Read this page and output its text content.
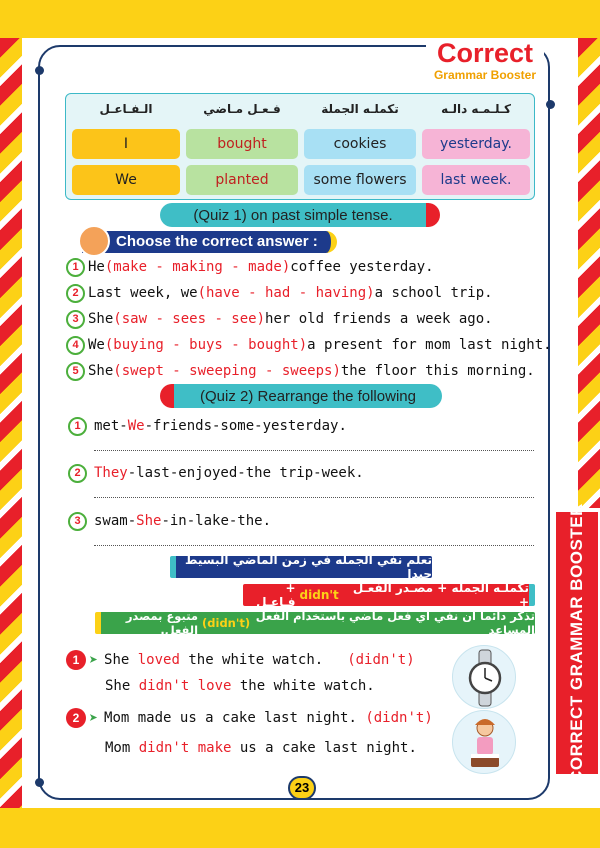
CORRECT GRAMMAR BOOSTER
Correct
Grammar Booster
الـفـاعـل	فـعـل مـاضي	تكملـه الجملة	كـلـمـه دالـه
I	bought	cookies	yesterday.
We	planted	some flowers	last week.
(Quiz 1) on past simple tense.
Choose the correct answer :
1 He (make - making - made) coffee yesterday.
2 Last week, we (have - had - having) a school trip.
3 She (saw - sees - see) her old friends a week ago.
4 We (buying - buys - bought) a present for mom last night.
5 She (swept - sweeping - sweeps) the floor this morning.
(Quiz 2) Rearrange the following
1 met- We -friends-some-yesterday.
2 They -last-enjoyed-the trip-week.
3 swam- She -in-lake-the.
تعلم نفي الجمله في زمن الماضي البسيط جيدا
تكملـه الجمله + مصـدر الفعـل +
didn't
+ فـاعـل
تذكر دائما أن نفي أي فعل ماضي باستخدام الفعل المساعد
(didn't)
متبوع بمصدر الفعل.
1 ➤ She loved the white watch. (didn't)
She didn't love the white watch.
2 ➤ Mom made us a cake last night. (didn't)
Mom didn't make us a cake last night.
23
